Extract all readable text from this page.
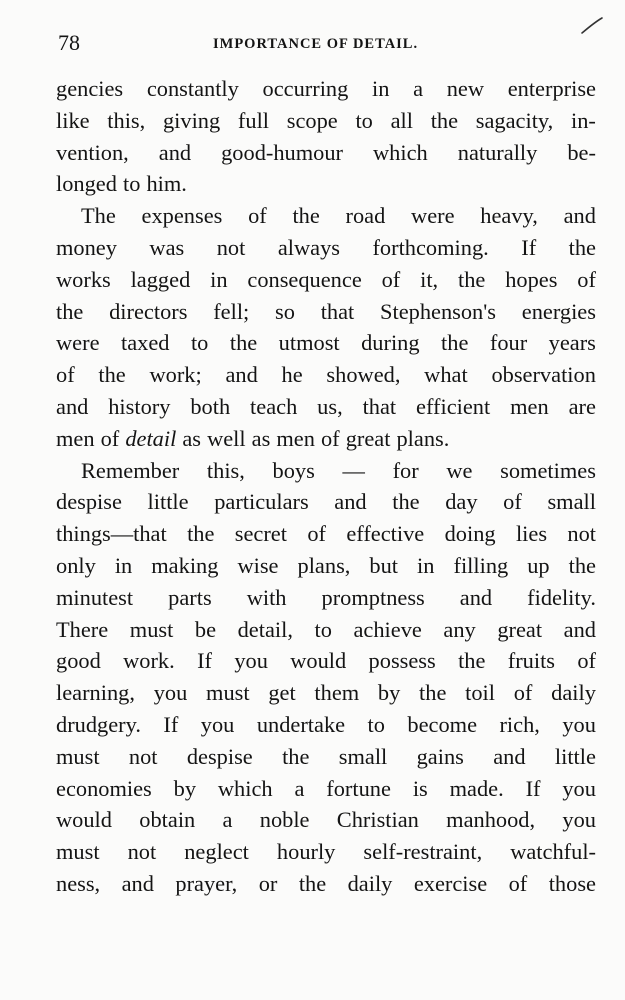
78	IMPORTANCE OF DETAIL.
gencies constantly occurring in a new enterprise
like this, giving full scope to all the sagacity, in-
vention, and good-humour which naturally be-
longed to him.
The expenses of the road were heavy, and
money was not always forthcoming. If the
works lagged in consequence of it, the hopes of
the directors fell; so that Stephenson's energies
were taxed to the utmost during the four years
of the work; and he showed, what observation
and history both teach us, that efficient men are
men of detail as well as men of great plans.
Remember this, boys — for we sometimes
despise little particulars and the day of small
things—that the secret of effective doing lies not
only in making wise plans, but in filling up the
minutest parts with promptness and fidelity.
There must be detail, to achieve any great and
good work. If you would possess the fruits of
learning, you must get them by the toil of daily
drudgery. If you undertake to become rich, you
must not despise the small gains and little
economies by which a fortune is made. If you
would obtain a noble Christian manhood, you
must not neglect hourly self-restraint, watchful-
ness, and prayer, or the daily exercise of those
